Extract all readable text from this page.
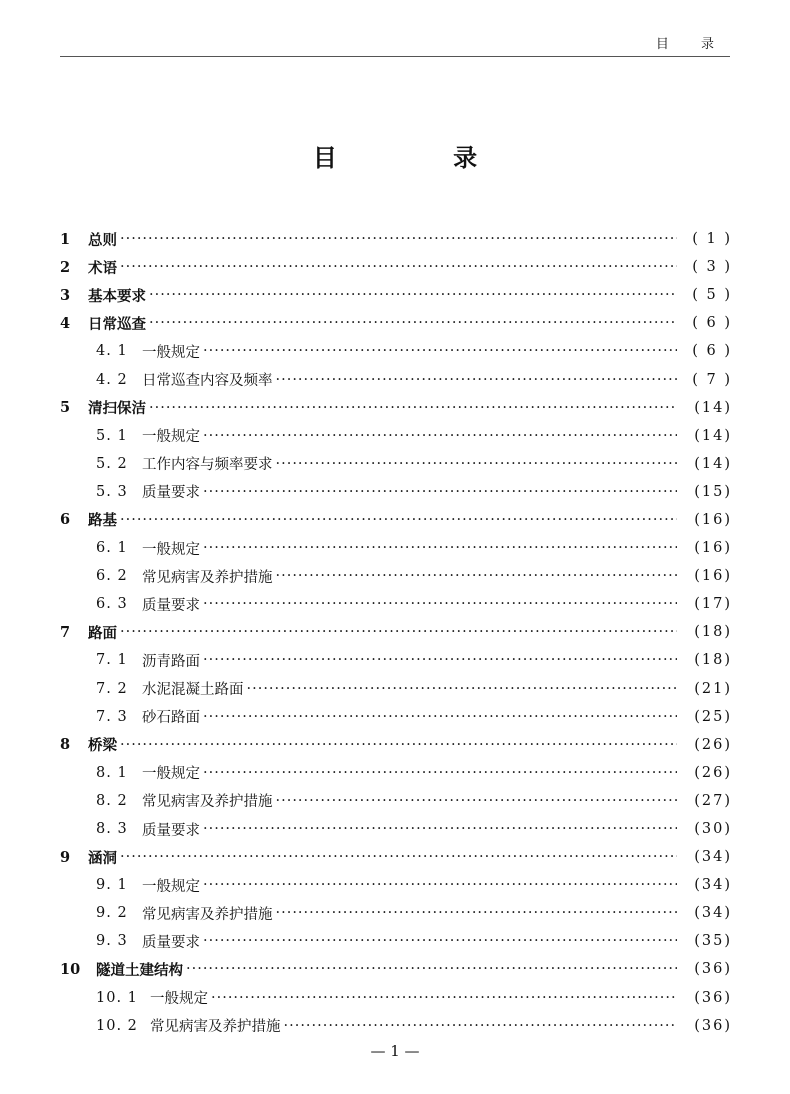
目 录
目 录
1	总则 ·····	( 1 )
2	术语 ·····	( 3 )
3	基本要求 ·····	( 5 )
4	日常巡查 ·····	( 6 )
4. 1 一般规定 ·····	( 6 )
4. 2 日常巡查内容及频率 ·····	( 7 )
5	清扫保洁 ·····	(14)
5. 1 一般规定 ·····	(14)
5. 2 工作内容与频率要求 ·····	(14)
5. 3 质量要求 ·····	(15)
6	路基 ·····	(16)
6. 1 一般规定 ·····	(16)
6. 2 常见病害及养护措施 ·····	(16)
6. 3 质量要求 ·····	(17)
7	路面 ·····	(18)
7. 1 沥青路面 ·····	(18)
7. 2 水泥混凝土路面 ·····	(21)
7. 3 砂石路面 ·····	(25)
8	桥梁 ·····	(26)
8. 1 一般规定 ·····	(26)
8. 2 常见病害及养护措施 ·····	(27)
8. 3 质量要求 ·····	(30)
9	涵洞 ·····	(34)
9. 1 一般规定 ·····	(34)
9. 2 常见病害及养护措施 ·····	(34)
9. 3 质量要求 ·····	(35)
10	隧道土建结构 ·····	(36)
10. 1 一般规定 ·····	(36)
10. 2 常见病害及养护措施 ·····	(36)
— 1 —
